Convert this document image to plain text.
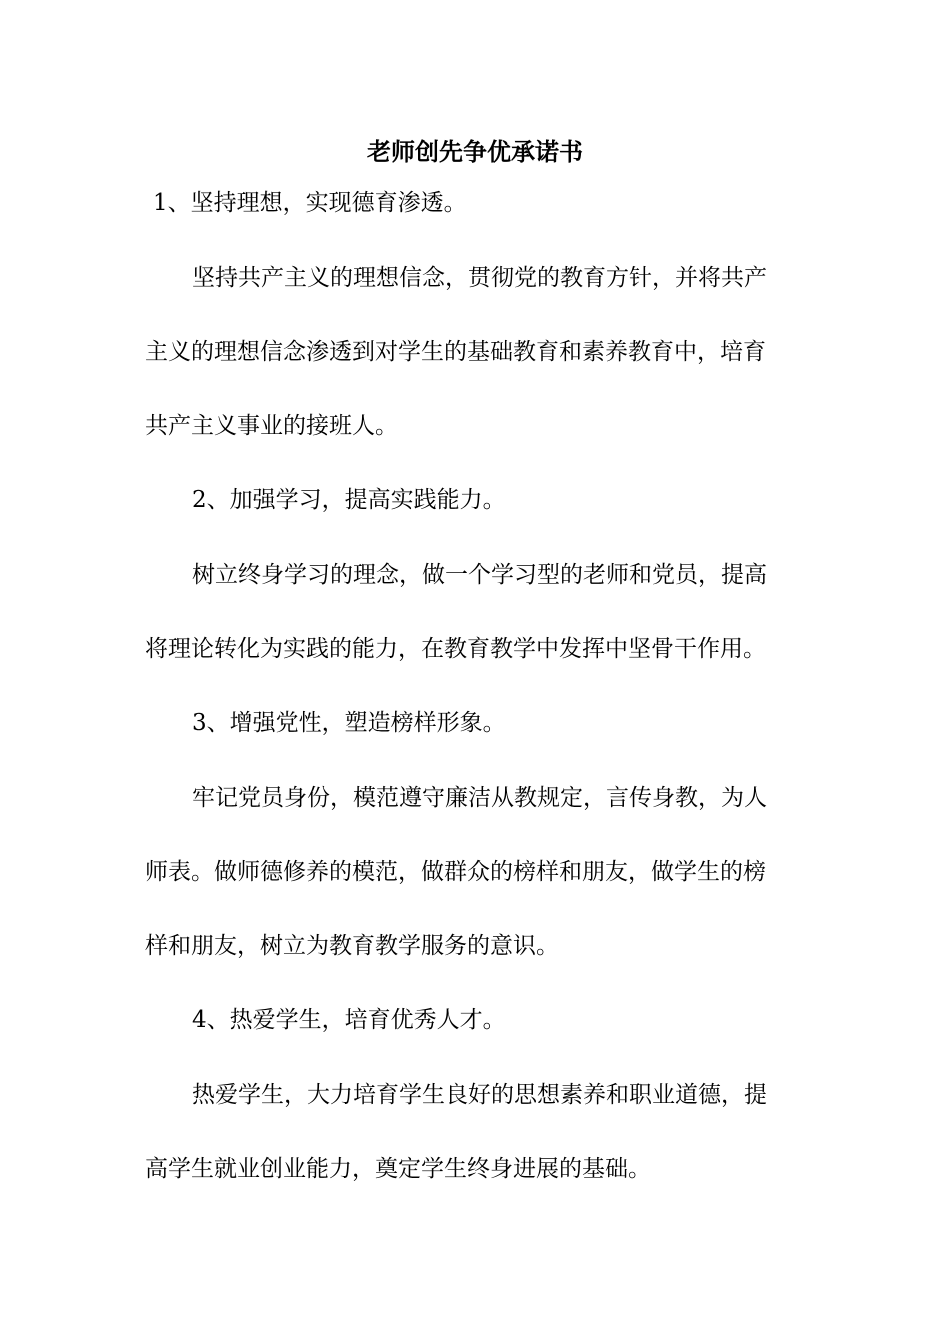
老师创先争优承诺书

1、坚持理想，实现德育渗透。

坚持共产主义的理想信念，贯彻党的教育方针，并将共产

主义的理想信念渗透到对学生的基础教育和素养教育中，培育

共产主义事业的接班人。

2、加强学习，提高实践能力。

树立终身学习的理念，做一个学习型的老师和党员，提高

将理论转化为实践的能力，在教育教学中发挥中坚骨干作用。

3、增强党性，塑造榜样形象。

牢记党员身份，模范遵守廉洁从教规定，言传身教，为人

师表。做师德修养的模范，做群众的榜样和朋友，做学生的榜

样和朋友，树立为教育教学服务的意识。

4、热爱学生，培育优秀人才。

热爱学生，大力培育学生良好的思想素养和职业道德，提

高学生就业创业能力，奠定学生终身进展的基础。
